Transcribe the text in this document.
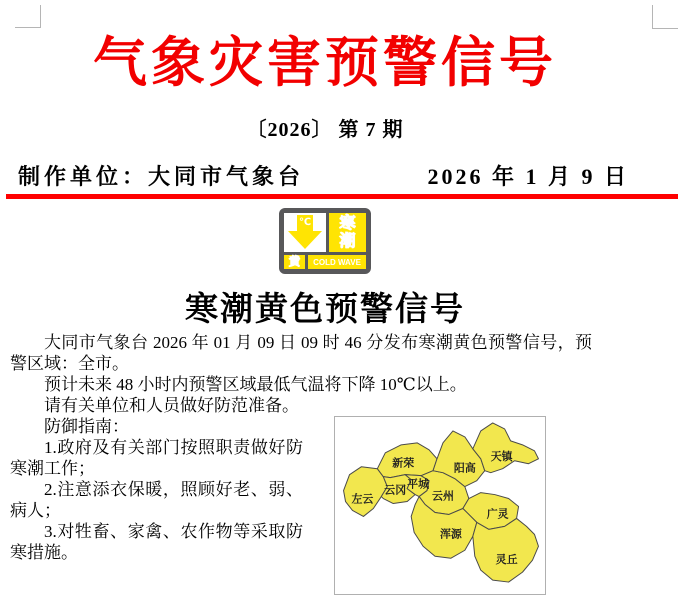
气象灾害预警信号
〔2026〕 第 7 期
制作单位：大同市气象台	2026 年 1 月 9 日
℃	寒
潮
黄	COLD WAVE
寒潮黄色预警信号

大同市气象台 2026 年 01 月 09 日 09 时 46 分发布寒潮黄色预警信号，预警区域：全市。

预计未来 48 小时内预警区域最低气温将下降 10℃以上。

请有关单位和人员做好防范准备。

左云
新荣
云冈 平城
云州
阳高
天镇
广灵
浑源
灵丘

防御指南：

1.政府及有关部门按照职责做好防寒潮工作；

2.注意添衣保暖，照顾好老、弱、病人；

3.对牲畜、家禽、农作物等采取防寒措施。
